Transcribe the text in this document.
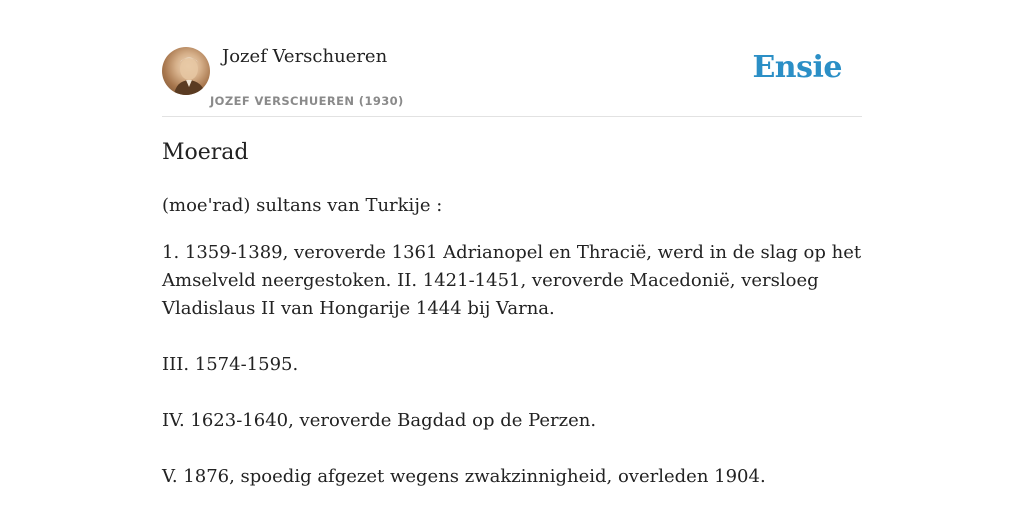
Jozef Verschueren
JOZEF VERSCHUEREN (1930)
Ensie
Moerad

(moe'rad) sultans van Turkije :

1. 1359-1389, veroverde 1361 Adrianopel en Thracië, werd in de slag op het Amselveld neergestoken. II. 1421-1451, veroverde Macedonië, versloeg Vladislaus II van Hongarije 1444 bij Varna.

III. 1574-1595.

IV. 1623-1640, veroverde Bagdad op de Perzen.

V. 1876, spoedig afgezet wegens zwakzinnigheid, overleden 1904.
